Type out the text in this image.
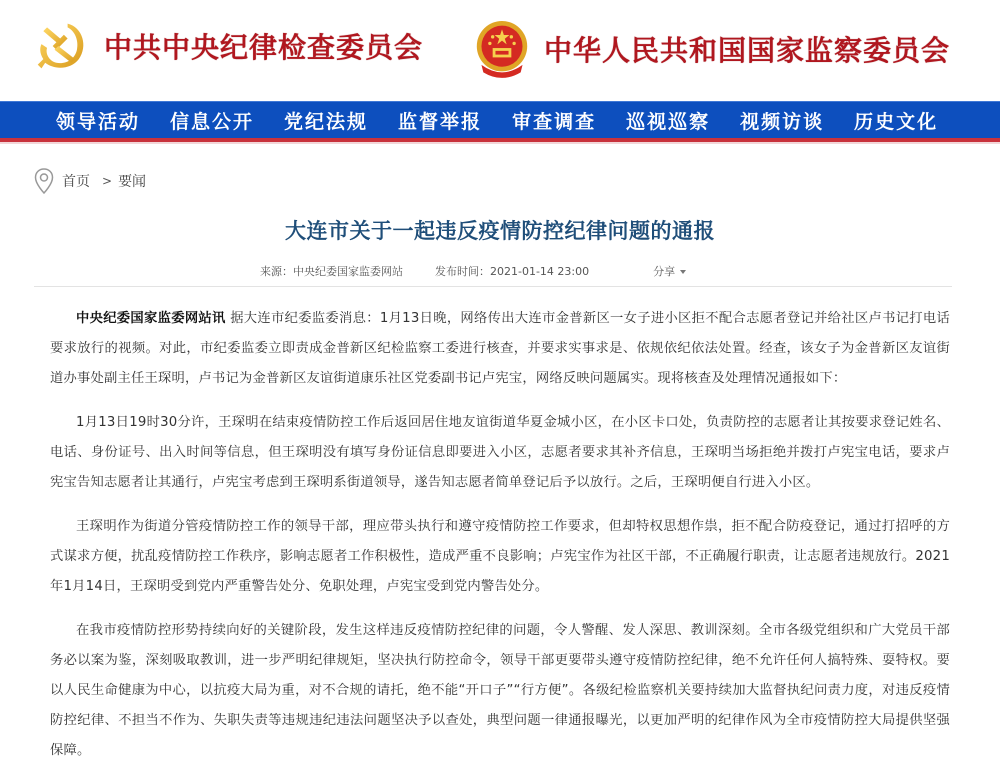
中共中央纪律检查委员会	中华人民共和国国家监察委员会
领导活动 信息公开 党纪法规 监督举报 审查调查 巡视巡察 视频访谈 历史文化
首页 > 要闻
大连市关于一起违反疫情防控纪律问题的通报
来源：中央纪委国家监委网站	发布时间：2021-01-14 23:00	分享

中央纪委国家监委网站讯 据大连市纪委监委消息：1月13日晚，网络传出大连市金普新区一女子进小区拒不配合志愿者登记并给社区卢书记打电话要求放行的视频。对此，市纪委监委立即责成金普新区纪检监察工委进行核查，并要求实事求是、依规依纪依法处置。经查，该女子为金普新区友谊街道办事处副主任王琛明，卢书记为金普新区友谊街道康乐社区党委副书记卢宪宝，网络反映问题属实。现将核查及处理情况通报如下：

1月13日19时30分许，王琛明在结束疫情防控工作后返回居住地友谊街道华夏金城小区，在小区卡口处，负责防控的志愿者让其按要求登记姓名、电话、身份证号、出入时间等信息，但王琛明没有填写身份证信息即要进入小区，志愿者要求其补齐信息，王琛明当场拒绝并拨打卢宪宝电话，要求卢宪宝告知志愿者让其通行，卢宪宝考虑到王琛明系街道领导，遂告知志愿者简单登记后予以放行。之后，王琛明便自行进入小区。

王琛明作为街道分管疫情防控工作的领导干部，理应带头执行和遵守疫情防控工作要求，但却特权思想作祟，拒不配合防疫登记，通过打招呼的方式谋求方便，扰乱疫情防控工作秩序，影响志愿者工作积极性，造成严重不良影响；卢宪宝作为社区干部，不正确履行职责，让志愿者违规放行。2021年1月14日，王琛明受到党内严重警告处分、免职处理，卢宪宝受到党内警告处分。

在我市疫情防控形势持续向好的关键阶段，发生这样违反疫情防控纪律的问题，令人警醒、发人深思、教训深刻。全市各级党组织和广大党员干部务必以案为鉴，深刻吸取教训，进一步严明纪律规矩，坚决执行防控命令，领导干部更要带头遵守疫情防控纪律，绝不允许任何人搞特殊、耍特权。要以人民生命健康为中心，以抗疫大局为重，对不合规的请托，绝不能“开口子”“行方便”。各级纪检监察机关要持续加大监督执纪问责力度，对违反疫情防控纪律、不担当不作为、失职失责等违规违纪违法问题坚决予以查处，典型问题一律通报曝光，以更加严明的纪律作风为全市疫情防控大局提供坚强保障。
